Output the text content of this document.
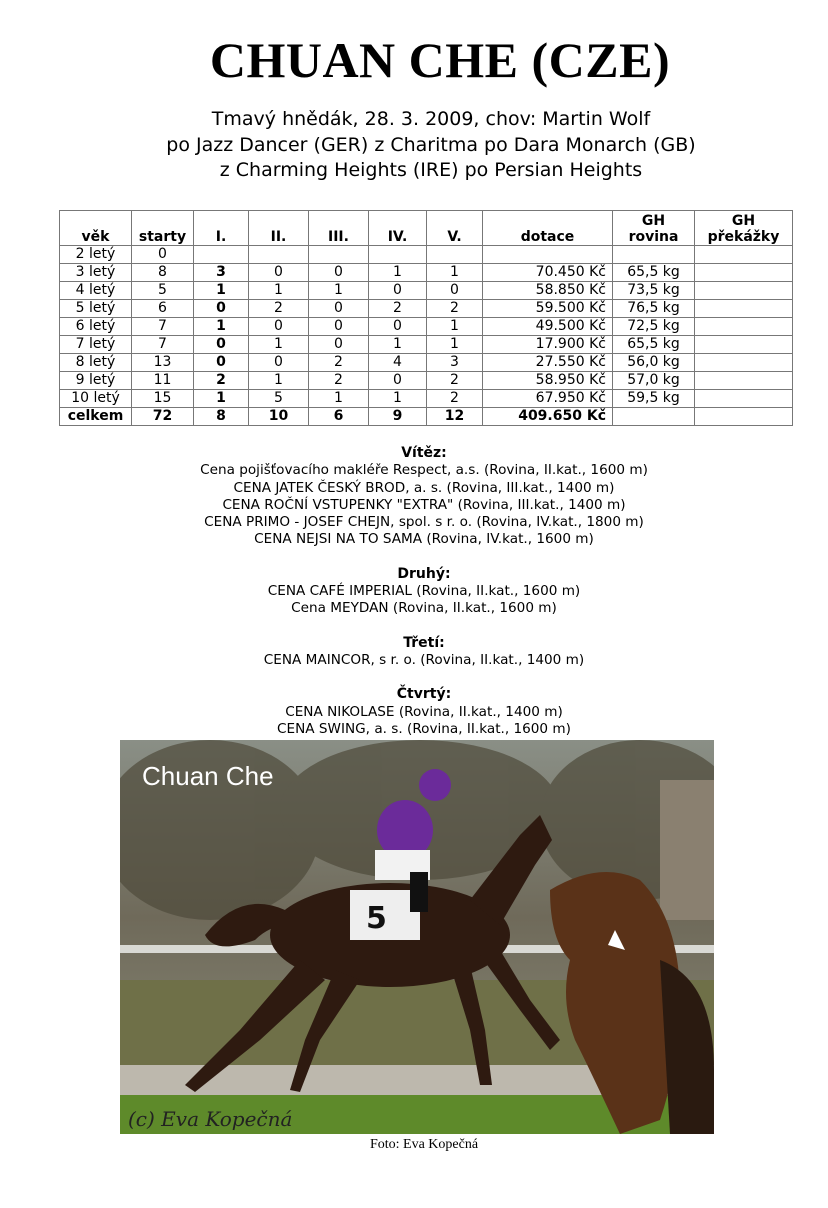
CHUAN CHE (CZE)
Tmavý hnědák, 28. 3. 2009, chov: Martin Wolf
po Jazz Dancer (GER) z Charitma po Dara Monarch (GB)
z Charming Heights (IRE) po Persian Heights
věk	starty	I.	II.	III.	IV.	V.	dotace	GH rovina	GH překážky
2 letý	0								
3 letý	8	3	0	0	1	1	70.450 Kč	65,5 kg	
4 letý	5	1	1	1	0	0	58.850 Kč	73,5 kg	
5 letý	6	0	2	0	2	2	59.500 Kč	76,5 kg	
6 letý	7	1	0	0	0	1	49.500 Kč	72,5 kg	
7 letý	7	0	1	0	1	1	17.900 Kč	65,5 kg	
8 letý	13	0	0	2	4	3	27.550 Kč	56,0 kg	
9 letý	11	2	1	2	0	2	58.950 Kč	57,0 kg	
10 letý	15	1	5	1	1	2	67.950 Kč	59,5 kg	
celkem	72	8	10	6	9	12	409.650 Kč		
Vítěz:
Cena pojišťovacího makléře Respect, a.s. (Rovina, II.kat., 1600 m)
CENA JATEK ČESKÝ BROD, a. s. (Rovina, III.kat., 1400 m)
CENA ROČNÍ VSTUPENKY "EXTRA" (Rovina, III.kat., 1400 m)
CENA PRIMO - JOSEF CHEJN, spol. s r. o. (Rovina, IV.kat., 1800 m)
CENA NEJSI NA TO SAMA (Rovina, IV.kat., 1600 m)
Druhý:
CENA CAFÉ IMPERIAL (Rovina, II.kat., 1600 m)
Cena MEYDAN (Rovina, II.kat., 1600 m)
Třetí:
CENA MAINCOR, s r. o. (Rovina, II.kat., 1400 m)
Čtvrtý:
CENA NIKOLASE (Rovina, II.kat., 1400 m)
CENA SWING, a. s. (Rovina, II.kat., 1600 m)
5
Chuan Che
(c) Eva Kopečná
Foto: Eva Kopečná
